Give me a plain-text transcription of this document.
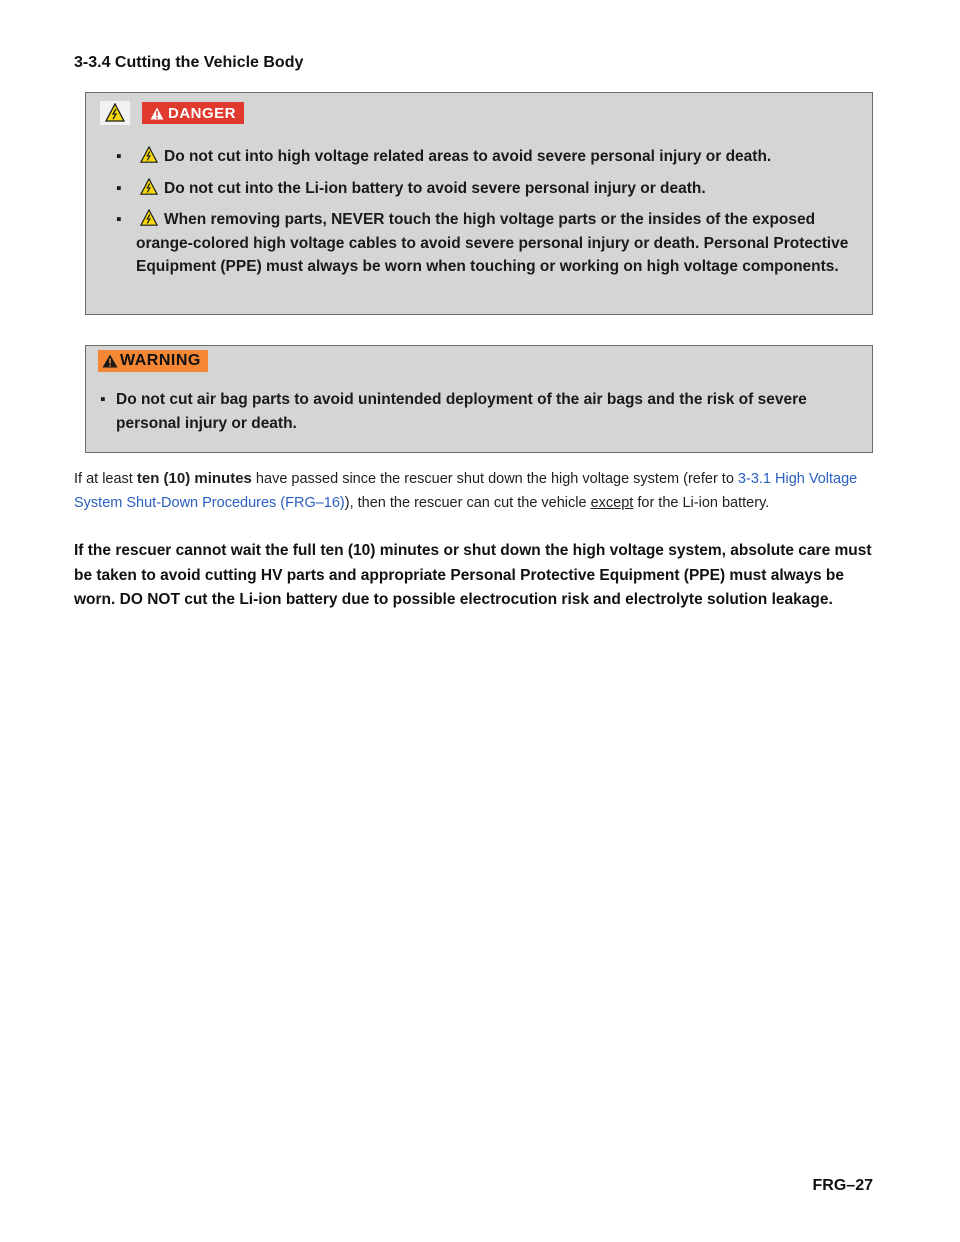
3-3.4 Cutting the Vehicle Body
DANGER
▪	Do not cut into high voltage related areas to avoid severe personal injury or death.
▪	Do not cut into the Li-ion battery to avoid severe personal injury or death.
▪	When removing parts, NEVER touch the high voltage parts or the insides of the exposed orange-colored high voltage cables to avoid severe personal injury or death. Personal Protective Equipment (PPE) must always be worn when touching or working on high voltage components.
WARNING
▪ Do not cut air bag parts to avoid unintended deployment of the air bags and the risk of severe personal injury or death.
If at least ten (10) minutes have passed since the rescuer shut down the high voltage system (refer to 3-3.1 High Voltage System Shut-Down Procedures (FRG–16)), then the rescuer can cut the vehicle except for the Li-ion battery.
If the rescuer cannot wait the full ten (10) minutes or shut down the high voltage system, absolute care must be taken to avoid cutting HV parts and appropriate Personal Protective Equipment (PPE) must always be worn. DO NOT cut the Li-ion battery due to possible electrocution risk and electrolyte solution leakage.
FRG–27
